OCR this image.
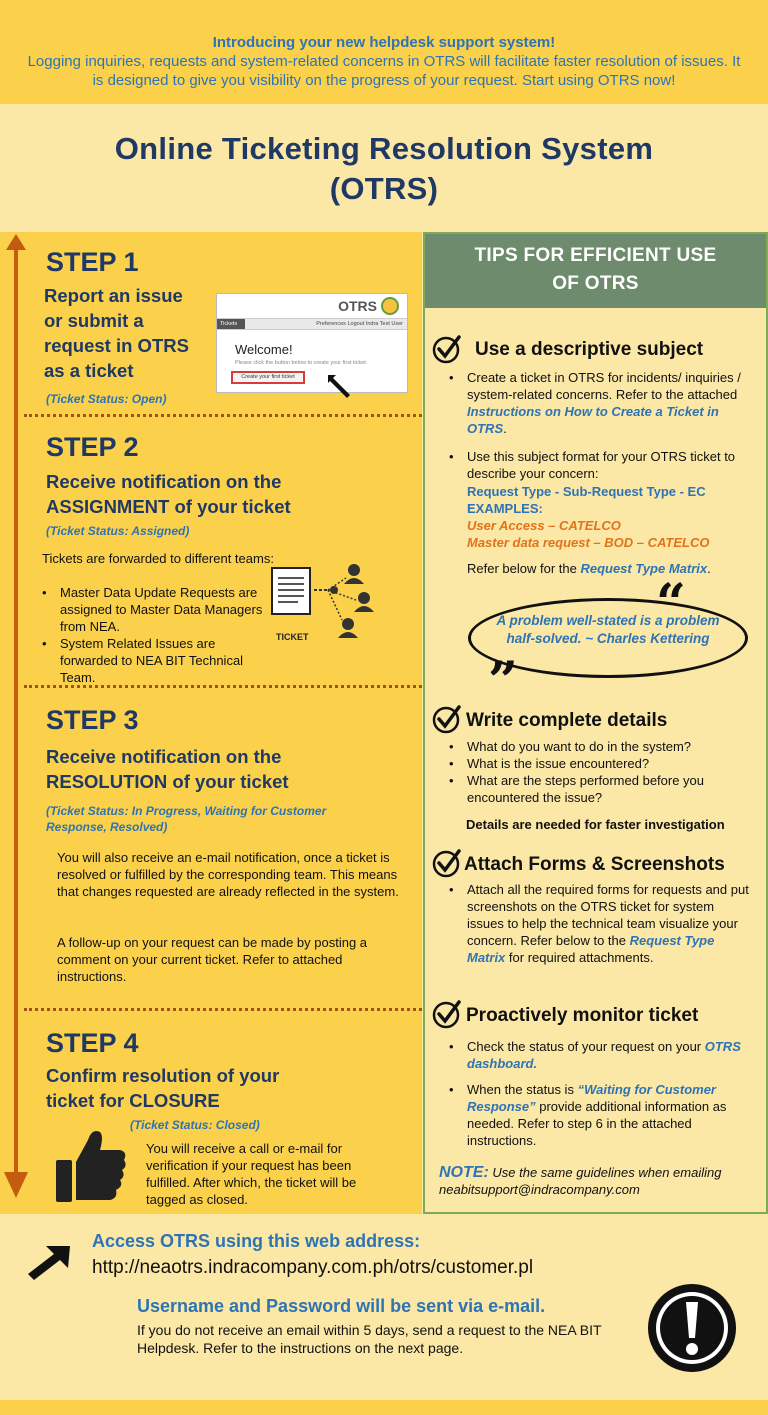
Introducing your new helpdesk support system!
Logging inquiries, requests and system-related concerns in OTRS will facilitate faster resolution of issues. It is designed to give you visibility on the progress of your request. Start using OTRS now!
Online Ticketing Resolution System
(OTRS)
STEP 1
Report an issue
or submit a
request in OTRS
as a ticket
(Ticket Status: Open)
OTRS
Tickets	Preferences Logout Indra Test User
Welcome!
Please click the button below to create your first ticket.
Create your first ticket
STEP 2
Receive notification on the
ASSIGNMENT of your ticket
(Ticket Status: Assigned)
Tickets are forwarded to different teams:
• Master Data Update Requests are assigned to Master Data Managers from NEA.
• System Related Issues are forwarded to NEA BIT Technical Team.
TICKET
STEP 3
Receive notification on the
RESOLUTION of your ticket
(Ticket Status: In Progress, Waiting for Customer Response, Resolved)
You will also receive an e-mail notification, once a ticket is resolved or fulfilled by the corresponding team. This means that changes requested are already reflected in the system.
A follow-up on your request can be made by posting a comment on your current ticket. Refer to attached instructions.
STEP 4
Confirm resolution of your
ticket for CLOSURE
(Ticket Status: Closed)
You will receive a call or e-mail for verification if your request has been fulfilled. After which, the ticket will be tagged as closed.
TIPS FOR EFFICIENT USE
OF OTRS
Use a descriptive subject
• Create a ticket in OTRS for incidents/ inquiries / system-related concerns. Refer to the attached Instructions on How to Create a Ticket in OTRS.
• Use this subject format for your OTRS ticket to describe your concern:
Request Type - Sub-Request Type - EC
EXAMPLES:
User Access – CATELCO
Master data request – BOD – CATELCO
Refer below for the Request Type Matrix.
“
”
A problem well-stated is a problem half-solved. ~ Charles Kettering
Write complete details
• What do you want to do in the system?
• What is the issue encountered?
• What are the steps performed before you encountered the issue?
Details are needed for faster investigation
Attach Forms & Screenshots
• Attach all the required forms for requests and put screenshots on the OTRS ticket for system issues to help the technical team visualize your concern. Refer below to the Request Type Matrix for required attachments.
Proactively monitor ticket
• Check the status of your request on your OTRS dashboard.
• When the status is “Waiting for Customer Response” provide additional information as needed. Refer to step 6 in the attached instructions.
NOTE: Use the same guidelines when emailing neabitsupport@indracompany.com
Access OTRS using this web address:
http://neaotrs.indracompany.com.ph/otrs/customer.pl
Username and Password will be sent via e-mail.
If you do not receive an email within 5 days, send a request to the NEA BIT Helpdesk. Refer to the instructions on the next page.
